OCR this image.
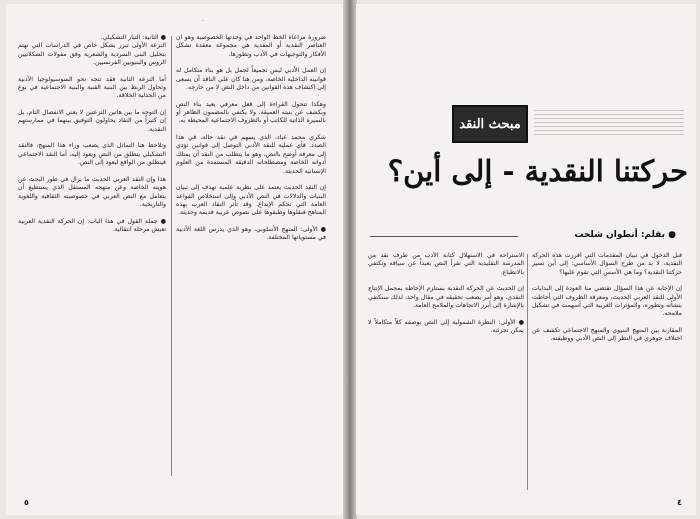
ضرورة مراعاة الخط الواحد في وحدتها الخصوصية وهو أن العناصر النقدية أو المقدية هي مجموعة معقدة تشكل الأفكار والتوجيهات في الأدب وتطورها.

إن العمل الأدبي ليس تجميعاً لجمل بل هو بناء متكامل له قوانينه الداخلية الخاصة، ومن هنا كان على الناقد أن يسعى إلى اكتشاف هذه القوانين من داخل النص لا من خارجه.

وهكذا تتحول القراءة إلى فعل معرفي يعيد بناء النص ويكشف عن بنيته العميقة، ولا يكتفي بالمضمون الظاهر أو بالسيرة الذاتية للكاتب أو بالظروف الاجتماعية المحيطة به.

شكري محمد عياد، الذي يسهم في نقد حالة، في هذا الصدد. فأي عملية للنقد الأدبي التوصل إلى قوانين تؤدي إلى معرفة أوضح بالنص، وهو ما يتطلب من النقد أن يمتلك أدواته الخاصة ومصطلحاته الدقيقة المستمدة من العلوم الإنسانية الحديثة.

إن النقد الحديث يعتمد على نظرية علمية تهدف إلى تبيان البنيات والدلالات في النص الأدبي وإلى استخلاص القواعد العامة التي تحكم الإبداع. وقد تأثر النقاد العرب بهذه المناهج فنقلوها وطبقوها على نصوص عربية قديمة وحديثة.

● الأولى: المنهج الأسلوبي، وهو الذي يدرس اللغة الأدبية في مستوياتها المختلفة.
● الثانية: التيار التشكيلي.
النزعة الأولى تبرز بشكل خاص في الدراسات التي تهتم بتحليل البنى السردية والشعرية وفق مقولات الشكلانيين الروس والبنيويين الفرنسيين.

أما النزعة الثانية فقد تتجه نحو السوسيولوجيا الأدبية وتحاول الربط بين البنية الفنية والبنية الاجتماعية في نوع من الجدلية الخلاقة.

إن التوجه ما بين هاتين النزعتين لا يعني الانفصال التام، بل إن كثيراً من النقاد يحاولون التوفيق بينهما في ممارستهم النقدية.

ونلاحظ هنا التماثل الذي يصعب وراء هذا المنهج، فالنقد التشكيلي ينطلق من النص ويعود إليه، أما النقد الاجتماعي فينطلق من الواقع ليعود إلى النص.

هذا وإن النقد العربي الحديث ما يزال في طور البحث عن هويته الخاصة وعن منهجه المستقل الذي يستطيع أن يتعامل مع النص العربي في خصوصيته الثقافية واللغوية والتاريخية.

● جملة القول في هذا الباب: إن الحركة النقدية العربية تعيش مرحلة انتقالية.
·
٥
مبحث النقد
حركتنا النقدية - إلى أين؟
● بقلم: أنطوان شلحت
قبل الدخول في تبيان المقدمات التي أفرزت هذه الحركة النقدية، لا بد من طرح السؤال الأساسي: إلى أين تسير حركتنا النقدية؟ وما هي الأسس التي تقوم عليها؟

إن الإجابة عن هذا السؤال تقتضي منا العودة إلى البدايات الأولى للنقد العربي الحديث، ومعرفة الظروف التي أحاطت بنشأته وتطوره، والمؤثرات الغربية التي أسهمت في تشكيل ملامحه.

المقارنة بين المنهج البنيوي والمنهج الاجتماعي تكشف عن اختلاف جوهري في النظر إلى النص الأدبي ووظيفته.
الاستراحة في الاستهلال كتابة الأدب من طرف نقد من المدرسة التقليدية التي تقرأ النص بعيداً عن سياقه وتكتفي بالانطباع.

إن الحديث عن الحركة النقدية يستلزم الإحاطة بمجمل الإنتاج النقدي، وهو أمر يصعب تحقيقه في مقال واحد، لذلك سنكتفي بالإشارة إلى أبرز الاتجاهات والملامح العامة.

● الأولى: النظرة الشمولية إلى النص بوصفه كلاً متكاملاً لا يمكن تجزئته.
٤
